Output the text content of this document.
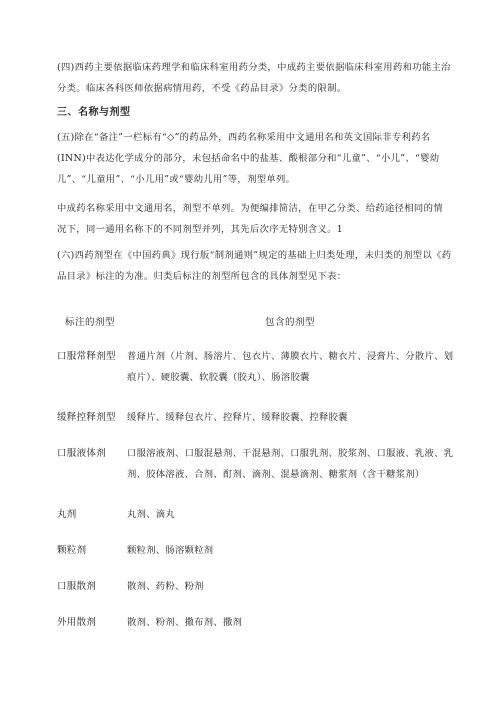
(四)西药主要依据临床药理学和临床科室用药分类，中成药主要依据临床科室用药和功能主治分类。临床各科医师依据病情用药，不受《药品目录》分类的限制。

三、名称与剂型

(五)除在“备注”一栏标有“◇”的药品外，西药名称采用中文通用名和英文国际非专利药名(INN)中表达化学成分的部分，未包括命名中的盐基、酸根部分和“儿童”、“小儿”、“婴幼儿”、“儿童用”、“小儿用”或“婴幼儿用”等，剂型单列。

中成药名称采用中文通用名，剂型不单列。为便编排简洁，在甲乙分类、给药途径相同的情况下，同一通用名称下的不同剂型并列，其先后次序无特别含义。1

(六)西药剂型在《中国药典》现行版“制剂通则”规定的基础上归类处理，未归类的剂型以《药品目录》标注的为准。归类后标注的剂型所包含的具体剂型见下表：

标注的剂型	包含的剂型

口服常释剂型 普通片剂（片剂、肠溶片、包衣片、薄膜衣片、糖衣片、浸膏片、分散片、划痕片）、硬胶囊、软胶囊（胶丸）、肠溶胶囊

缓释控释剂型 缓释片、缓释包衣片、控释片、缓释胶囊、控释胶囊

口服液体剂 口服溶液剂、口服混悬剂、干混悬剂、口服乳剂、胶浆剂、口服液、乳液、乳剂、胶体溶液、合剂、酊剂、滴剂、混悬滴剂、糖浆剂（含干糖浆剂）

丸剂	丸剂、滴丸

颗粒剂	颗粒剂、肠溶颗粒剂

口服散剂	散剂、药粉、粉剂

外用散剂	散剂、粉剂、撒布剂、撒剂
